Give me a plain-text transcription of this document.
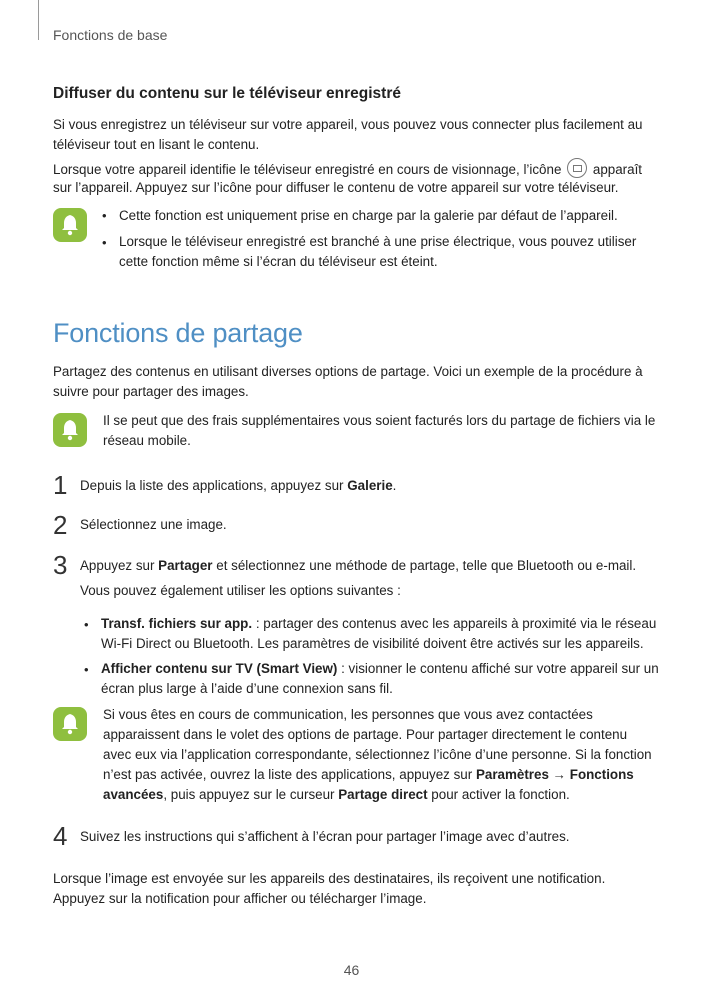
Fonctions de base
Diffuser du contenu sur le téléviseur enregistré
Si vous enregistrez un téléviseur sur votre appareil, vous pouvez vous connecter plus facilement au
téléviseur tout en lisant le contenu.
Lorsque votre appareil identifie le téléviseur enregistré en cours de visionnage, l’icône apparaît
sur l’appareil. Appuyez sur l’icône pour diffuser le contenu de votre appareil sur votre téléviseur.
• Cette fonction est uniquement prise en charge par la galerie par défaut de l’appareil.
• Lorsque le téléviseur enregistré est branché à une prise électrique, vous pouvez utiliser
cette fonction même si l’écran du téléviseur est éteint.
Fonctions de partage
Partagez des contenus en utilisant diverses options de partage. Voici un exemple de la procédure à
suivre pour partager des images.
Il se peut que des frais supplémentaires vous soient facturés lors du partage de fichiers via le
réseau mobile.
1 Depuis la liste des applications, appuyez sur Galerie.
2 Sélectionnez une image.
3 Appuyez sur Partager et sélectionnez une méthode de partage, telle que Bluetooth ou e-mail.
Vous pouvez également utiliser les options suivantes :
• Transf. fichiers sur app. : partager des contenus avec les appareils à proximité via le réseau
Wi-Fi Direct ou Bluetooth. Les paramètres de visibilité doivent être activés sur les appareils.
• Afficher contenu sur TV (Smart View) : visionner le contenu affiché sur votre appareil sur un
écran plus large à l’aide d’une connexion sans fil.
Si vous êtes en cours de communication, les personnes que vous avez contactées
apparaissent dans le volet des options de partage. Pour partager directement le contenu
avec eux via l’application correspondante, sélectionnez l’icône d’une personne. Si la fonction
n’est pas activée, ouvrez la liste des applications, appuyez sur Paramètres → Fonctions
avancées, puis appuyez sur le curseur Partage direct pour activer la fonction.
4 Suivez les instructions qui s’affichent à l’écran pour partager l’image avec d’autres.
Lorsque l’image est envoyée sur les appareils des destinataires, ils reçoivent une notification.
Appuyez sur la notification pour afficher ou télécharger l’image.
46
